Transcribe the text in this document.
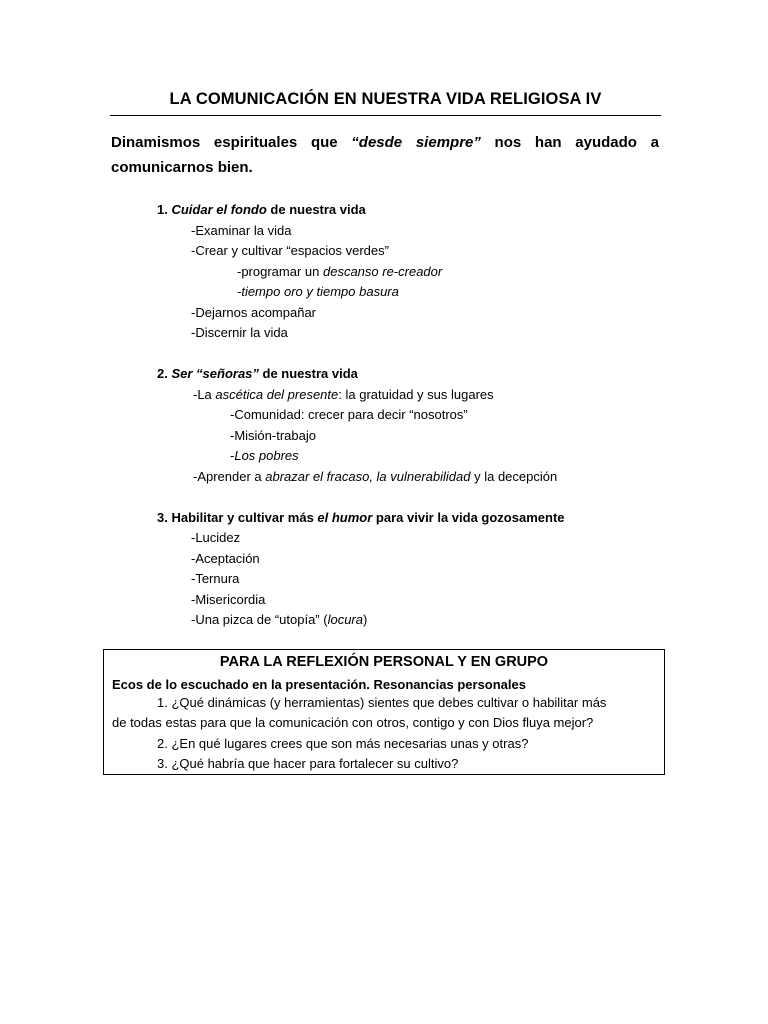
LA COMUNICACIÓN EN NUESTRA VIDA RELIGIOSA IV
Dinamismos espirituales que “desde siempre” nos han ayudado a comunicarnos bien.
1. Cuidar el fondo de nuestra vida
-Examinar la vida
-Crear y cultivar “espacios verdes”
-programar un descanso re-creador
-tiempo oro y tiempo basura
-Dejarnos acompañar
-Discernir la vida
2. Ser “señoras” de nuestra vida
-La ascética del presente: la gratuidad y sus lugares
-Comunidad: crecer para decir “nosotros”
-Misión-trabajo
-Los pobres
-Aprender a abrazar el fracaso, la vulnerabilidad y la decepción
3. Habilitar y cultivar más el humor para vivir la vida gozosamente
-Lucidez
-Aceptación
-Ternura
-Misericordia
-Una pizca de “utopía” (locura)
PARA LA REFLEXIÓN PERSONAL Y EN GRUPO
Ecos de lo escuchado en la presentación. Resonancias personales
1. ¿Qué dinámicas (y herramientas) sientes que debes cultivar o habilitar más
de todas estas para que la comunicación con otros, contigo y con Dios fluya mejor?
2. ¿En qué lugares crees que son más necesarias unas y otras?
3. ¿Qué habría que hacer para fortalecer su cultivo?
